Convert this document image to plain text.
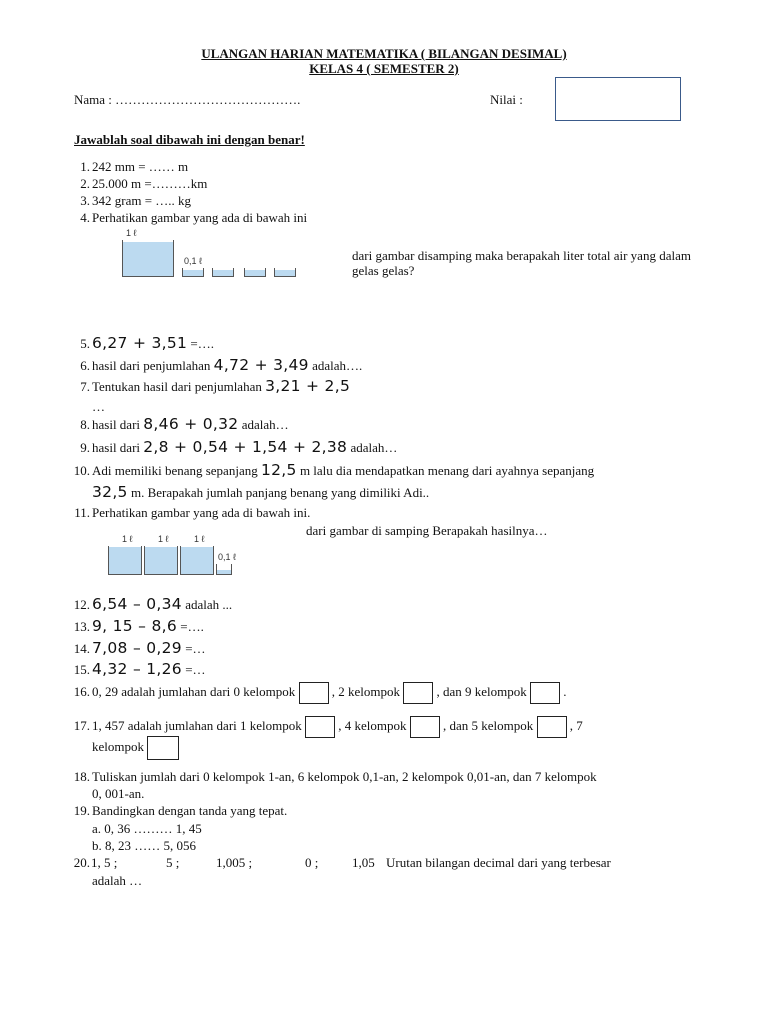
ULANGAN HARIAN MATEMATIKA ( BILANGAN DESIMAL)
KELAS 4 ( SEMESTER 2)
Nama : …………………………………….	Nilai :
Jawablah soal dibawah ini dengan benar!
1. 242 mm = …… m
2. 25.000 m =………km
3. 342 gram = ….. kg
4. Perhatikan gambar yang ada di bawah ini
1 ℓ
0,1 ℓ	dari gambar disamping maka berapakah liter total air yang dalam gelas gelas?
5. 6,27 + 3,51 =….
6. hasil dari penjumlahan 4,72 + 3,49 adalah….
7. Tentukan hasil dari penjumlahan 3,21 + 2,5
…
8. hasil dari 8,46 + 0,32 adalah…
9. hasil dari 2,8 + 0,54 + 1,54 + 2,38 adalah…
10. Adi memiliki benang sepanjang 12,5 m lalu dia mendapatkan menang dari ayahnya sepanjang
32,5 m. Berapakah jumlah panjang benang yang dimiliki Adi..
11. Perhatikan gambar yang ada di bawah ini.
dari gambar di samping Berapakah hasilnya…
1 ℓ	1 ℓ	1 ℓ
0,1 ℓ
12. 6,54 – 0,34 adalah ...
13. 9, 15 – 8,6 =….
14. 7,08 – 0,29 =…
15. 4,32 – 1,26 =…
16. 0, 29 adalah jumlahan dari 0 kelompok  , 2 kelompok  , dan 9 kelompok  .
17. 1, 457 adalah jumlahan dari 1 kelompok  , 4 kelompok  , dan 5 kelompok  , 7
kelompok
18. Tuliskan jumlah dari 0 kelompok 1-an, 6 kelompok 0,1-an, 2 kelompok 0,01-an, dan 7 kelompok
0, 001-an.
19. Bandingkan dengan tanda yang tepat.
a. 0, 36 ……… 1, 45
b. 8, 23 …… 5, 056
20. 1, 5 ;	5 ;	1,005 ;	0 ;	1,05 Urutan bilangan decimal dari yang terbesar
adalah …
